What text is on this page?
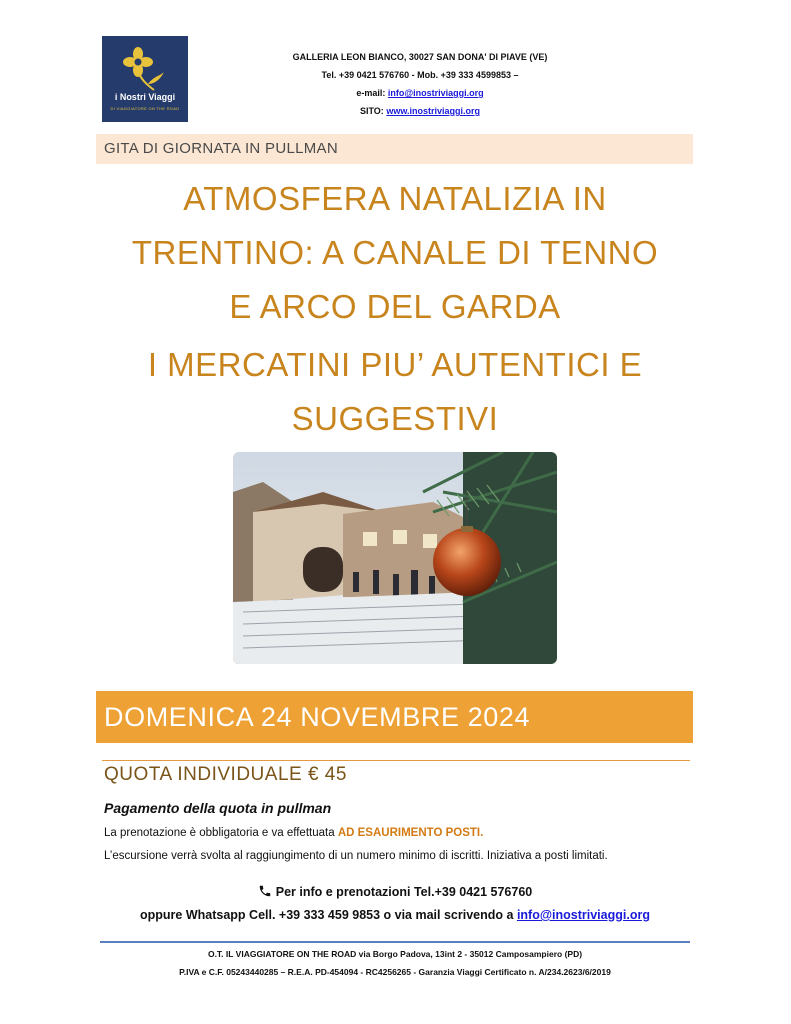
i Nostri Viaggi
DI VIAGGIATORE ON THE ROAD
GALLERIA LEON BIANCO, 30027 SAN DONA' DI PIAVE (VE)
Tel. +39 0421 576760 - Mob. +39 333 4599853 –
e-mail: info@inostriviaggi.org
SITO: www.inostriviaggi.org
GITA DI GIORNATA IN PULLMAN

ATMOSFERA NATALIZIA IN

TRENTINO: A CANALE DI TENNO

E ARCO DEL GARDA

I MERCATINI PIU’ AUTENTICI E

SUGGESTIVI

DOMENICA 24 NOVEMBRE 2024
QUOTA INDIVIDUALE € 45
Pagamento della quota in pullman
La prenotazione è obbligatoria e va effettuata AD ESAURIMENTO POSTI.
L’escursione verrà svolta al raggiungimento di un numero minimo di iscritti. Iniziativa a posti limitati.
Per info e prenotazioni Tel.+39 0421 576760
oppure Whatsapp Cell. +39 333 459 9853 o via mail scrivendo a info@inostriviaggi.org
O.T. IL VIAGGIATORE ON THE ROAD via Borgo Padova, 13int 2 - 35012 Camposampiero (PD)
P.IVA e C.F. 05243440285 – R.E.A. PD-454094 - RC4256265 - Garanzia Viaggi Certificato n. A/234.2623/6/2019
